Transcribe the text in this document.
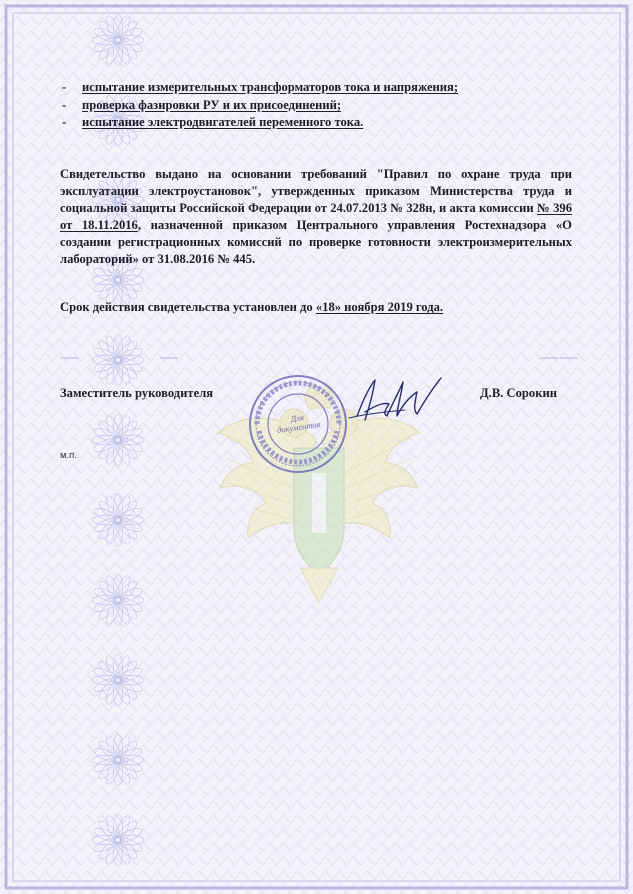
- испытание измерительных трансформаторов тока и напряжения;
- проверка фазировки РУ и их присоединений;
- испытание электродвигателей переменного тока.
Свидетельство выдано на основании требований "Правил по охране труда при эксплуатации электроустановок", утвержденных приказом Министерства труда и социальной защиты Российской Федерации от 24.07.2013 № 328н, и акта комиссии № 396 от 18.11.2016, назначенной приказом Центрального управления Ростехнадзора «О создании регистрационных комиссий по проверке готовности электроизмерительных лабораторий» от 31.08.2016 № 445.
Срок действия свидетельства установлен до «18» ноября 2019 года.
Для документов
Заместитель руководителя	Д.В. Сорокин
м.п.
